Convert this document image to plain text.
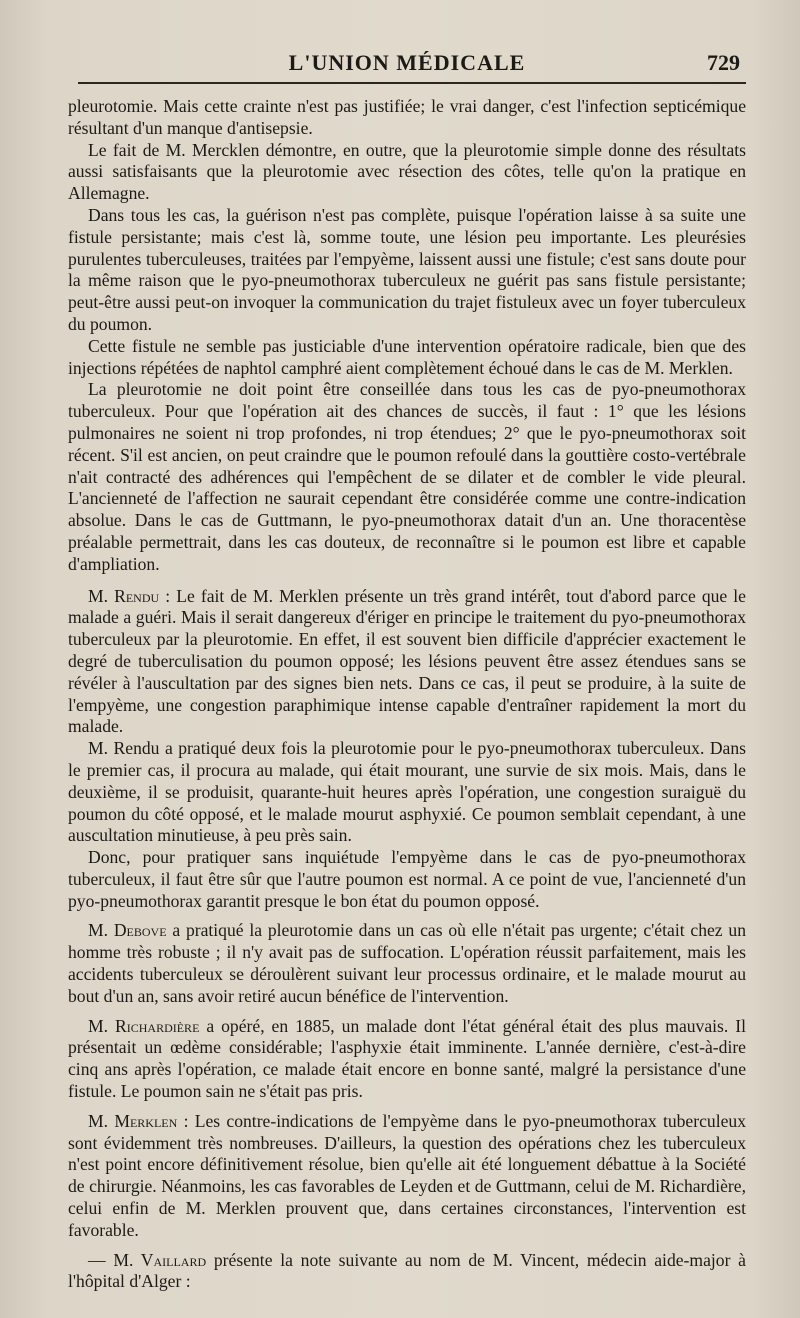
L'UNION MÉDICALE	729

pleurotomie. Mais cette crainte n'est pas justifiée; le vrai danger, c'est l'infection septicémique résultant d'un manque d'antisepsie.

Le fait de M. Mercklen démontre, en outre, que la pleurotomie simple donne des résultats aussi satisfaisants que la pleurotomie avec résection des côtes, telle qu'on la pratique en Allemagne.

Dans tous les cas, la guérison n'est pas complète, puisque l'opération laisse à sa suite une fistule persistante; mais c'est là, somme toute, une lésion peu importante. Les pleurésies purulentes tuberculeuses, traitées par l'empyème, laissent aussi une fistule; c'est sans doute pour la même raison que le pyo-pneumothorax tuberculeux ne guérit pas sans fistule persistante; peut-être aussi peut-on invoquer la communication du trajet fistuleux avec un foyer tuberculeux du poumon.

Cette fistule ne semble pas justiciable d'une intervention opératoire radicale, bien que des injections répétées de naphtol camphré aient complètement échoué dans le cas de M. Merklen.

La pleurotomie ne doit point être conseillée dans tous les cas de pyo-pneumothorax tuberculeux. Pour que l'opération ait des chances de succès, il faut : 1° que les lésions pulmonaires ne soient ni trop profondes, ni trop étendues; 2° que le pyo-pneumothorax soit récent. S'il est ancien, on peut craindre que le poumon refoulé dans la gouttière costo-vertébrale n'ait contracté des adhérences qui l'empêchent de se dilater et de combler le vide pleural. L'ancienneté de l'affection ne saurait cependant être considérée comme une contre-indication absolue. Dans le cas de Guttmann, le pyo-pneumothorax datait d'un an. Une thoracentèse préalable permettrait, dans les cas douteux, de reconnaître si le poumon est libre et capable d'ampliation.

M. Rendu : Le fait de M. Merklen présente un très grand intérêt, tout d'abord parce que le malade a guéri. Mais il serait dangereux d'ériger en principe le traitement du pyo-pneumothorax tuberculeux par la pleurotomie. En effet, il est souvent bien difficile d'apprécier exactement le degré de tuberculisation du poumon opposé; les lésions peuvent être assez étendues sans se révéler à l'auscultation par des signes bien nets. Dans ce cas, il peut se produire, à la suite de l'empyème, une congestion paraphimique intense capable d'entraîner rapidement la mort du malade.

M. Rendu a pratiqué deux fois la pleurotomie pour le pyo-pneumothorax tuberculeux. Dans le premier cas, il procura au malade, qui était mourant, une survie de six mois. Mais, dans le deuxième, il se produisit, quarante-huit heures après l'opération, une congestion suraiguë du poumon du côté opposé, et le malade mourut asphyxié. Ce poumon semblait cependant, à une auscultation minutieuse, à peu près sain.

Donc, pour pratiquer sans inquiétude l'empyème dans le cas de pyo-pneumothorax tuberculeux, il faut être sûr que l'autre poumon est normal. A ce point de vue, l'ancienneté d'un pyo-pneumothorax garantit presque le bon état du poumon opposé.

M. Debove a pratiqué la pleurotomie dans un cas où elle n'était pas urgente; c'était chez un homme très robuste ; il n'y avait pas de suffocation. L'opération réussit parfaitement, mais les accidents tuberculeux se déroulèrent suivant leur processus ordinaire, et le malade mourut au bout d'un an, sans avoir retiré aucun bénéfice de l'intervention.

M. Richardière a opéré, en 1885, un malade dont l'état général était des plus mauvais. Il présentait un œdème considérable; l'asphyxie était imminente. L'année dernière, c'est-à-dire cinq ans après l'opération, ce malade était encore en bonne santé, malgré la persistance d'une fistule. Le poumon sain ne s'était pas pris.

M. Merklen : Les contre-indications de l'empyème dans le pyo-pneumothorax tuberculeux sont évidemment très nombreuses. D'ailleurs, la question des opérations chez les tuberculeux n'est point encore définitivement résolue, bien qu'elle ait été longuement débattue à la Société de chirurgie. Néanmoins, les cas favorables de Leyden et de Guttmann, celui de M. Richardière, celui enfin de M. Merklen prouvent que, dans certaines circonstances, l'intervention est favorable.

— M. Vaillard présente la note suivante au nom de M. Vincent, médecin aide-major à l'hôpital d'Alger :
